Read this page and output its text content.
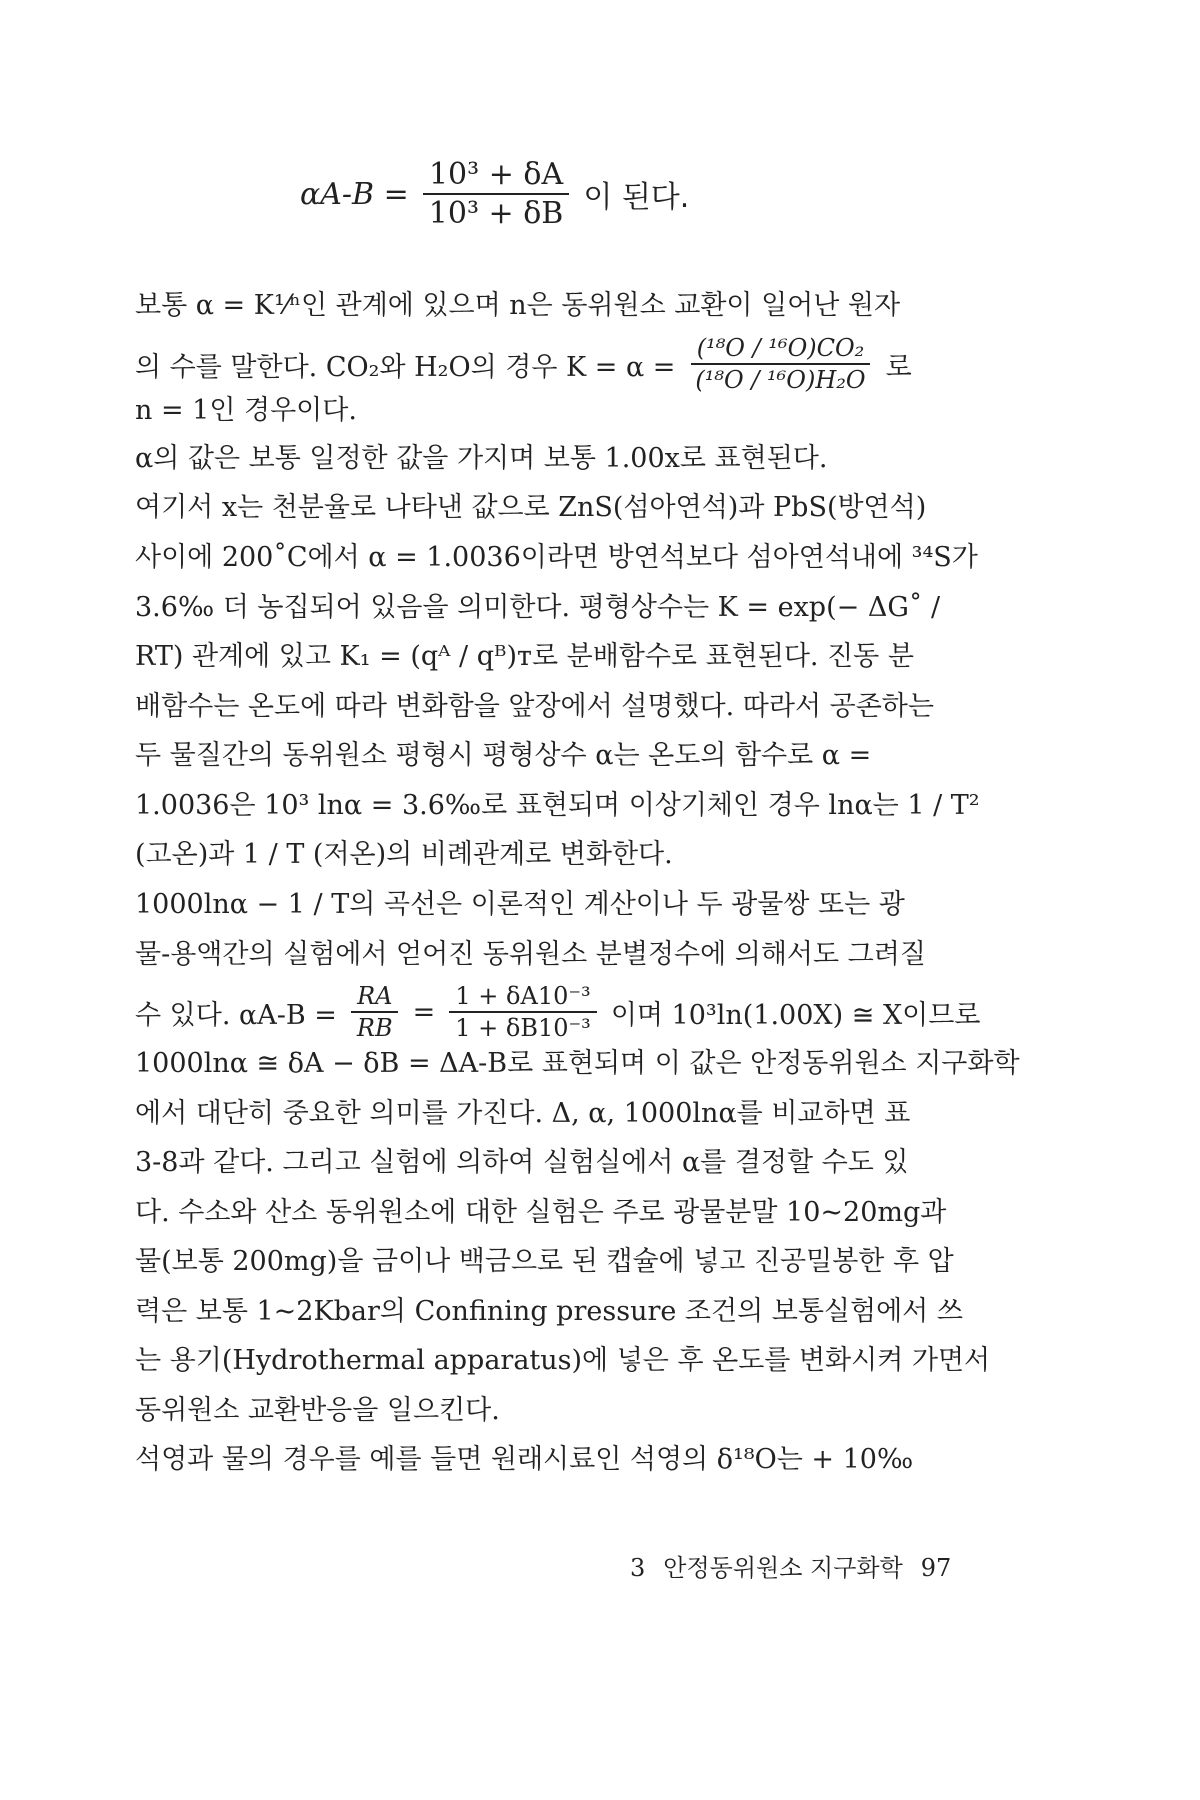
$\alpha A-B = \frac{\text{10³ + δA}}{\text{10³ + δB}}$ 이 된다.
보통 α = K¹⁄ⁿ인 관계에 있으며 n은 동위원소 교환이 일어난 원자
의 수를 말한다. CO₂와 H₂O의 경우 $K = \alpha = \frac{\text{(¹⁸O / ¹⁶O)CO₂}}{\text{(¹⁸O / ¹⁶O)H₂O}}$ 로
n = 1인 경우이다.
α의 값은 보통 일정한 값을 가지며 보통 1.00x로 표현된다.
여기서 x는 천분율로 나타낸 값으로 ZnS(섬아연석)과 PbS(방연석)
사이에 200˚C에서 α = 1.0036이라면 방연석보다 섬아연석내에 ³⁴S가
3.6‰ 더 농집되어 있음을 의미한다. 평형상수는 K = exp(− ΔG˚ /
RT) 관계에 있고 K₁ = (qᴬ / qᴮ)ᴛ로 분배함수로 표현된다. 진동 분
배함수는 온도에 따라 변화함을 앞장에서 설명했다. 따라서 공존하는
두 물질간의 동위원소 평형시 평형상수 α는 온도의 함수로 α =
1.0036은 10³ lnα = 3.6‰로 표현되며 이상기체인 경우 lnα는 1 / T²
(고온)과 1 / T (저온)의 비례관계로 변화한다.
1000lnα − 1 / T의 곡선은 이론적인 계산이나 두 광물쌍 또는 광
물-용액간의 실험에서 얻어진 동위원소 분별정수에 의해서도 그려질
수 있다. $\alpha A-B = \frac{RA}{RB} = \frac{\text{1 + δA10⁻³}}{\text{1 + δB10⁻³}}$ 이며 10³ln(1.00X) ≅ X이므로
1000lnα ≅ δA − δB = ΔA-B로 표현되며 이 값은 안정동위원소 지구화학
에서 대단히 중요한 의미를 가진다. Δ, α, 1000lnα를 비교하면 표
3-8과 같다. 그리고 실험에 의하여 실험실에서 α를 결정할 수도 있
다. 수소와 산소 동위원소에 대한 실험은 주로 광물분말 10~20mg과
물(보통 200mg)을 금이나 백금으로 된 캡슐에 넣고 진공밀봉한 후 압
력은 보통 1~2Kbar의 Confining pressure 조건의 보통실험에서 쓰
는 용기(Hydrothermal apparatus)에 넣은 후 온도를 변화시켜 가면서
동위원소 교환반응을 일으킨다.
석영과 물의 경우를 예를 들면 원래시료인 석영의 δ¹⁸O는 + 10‰
3 안정동위원소 지구화학 97
